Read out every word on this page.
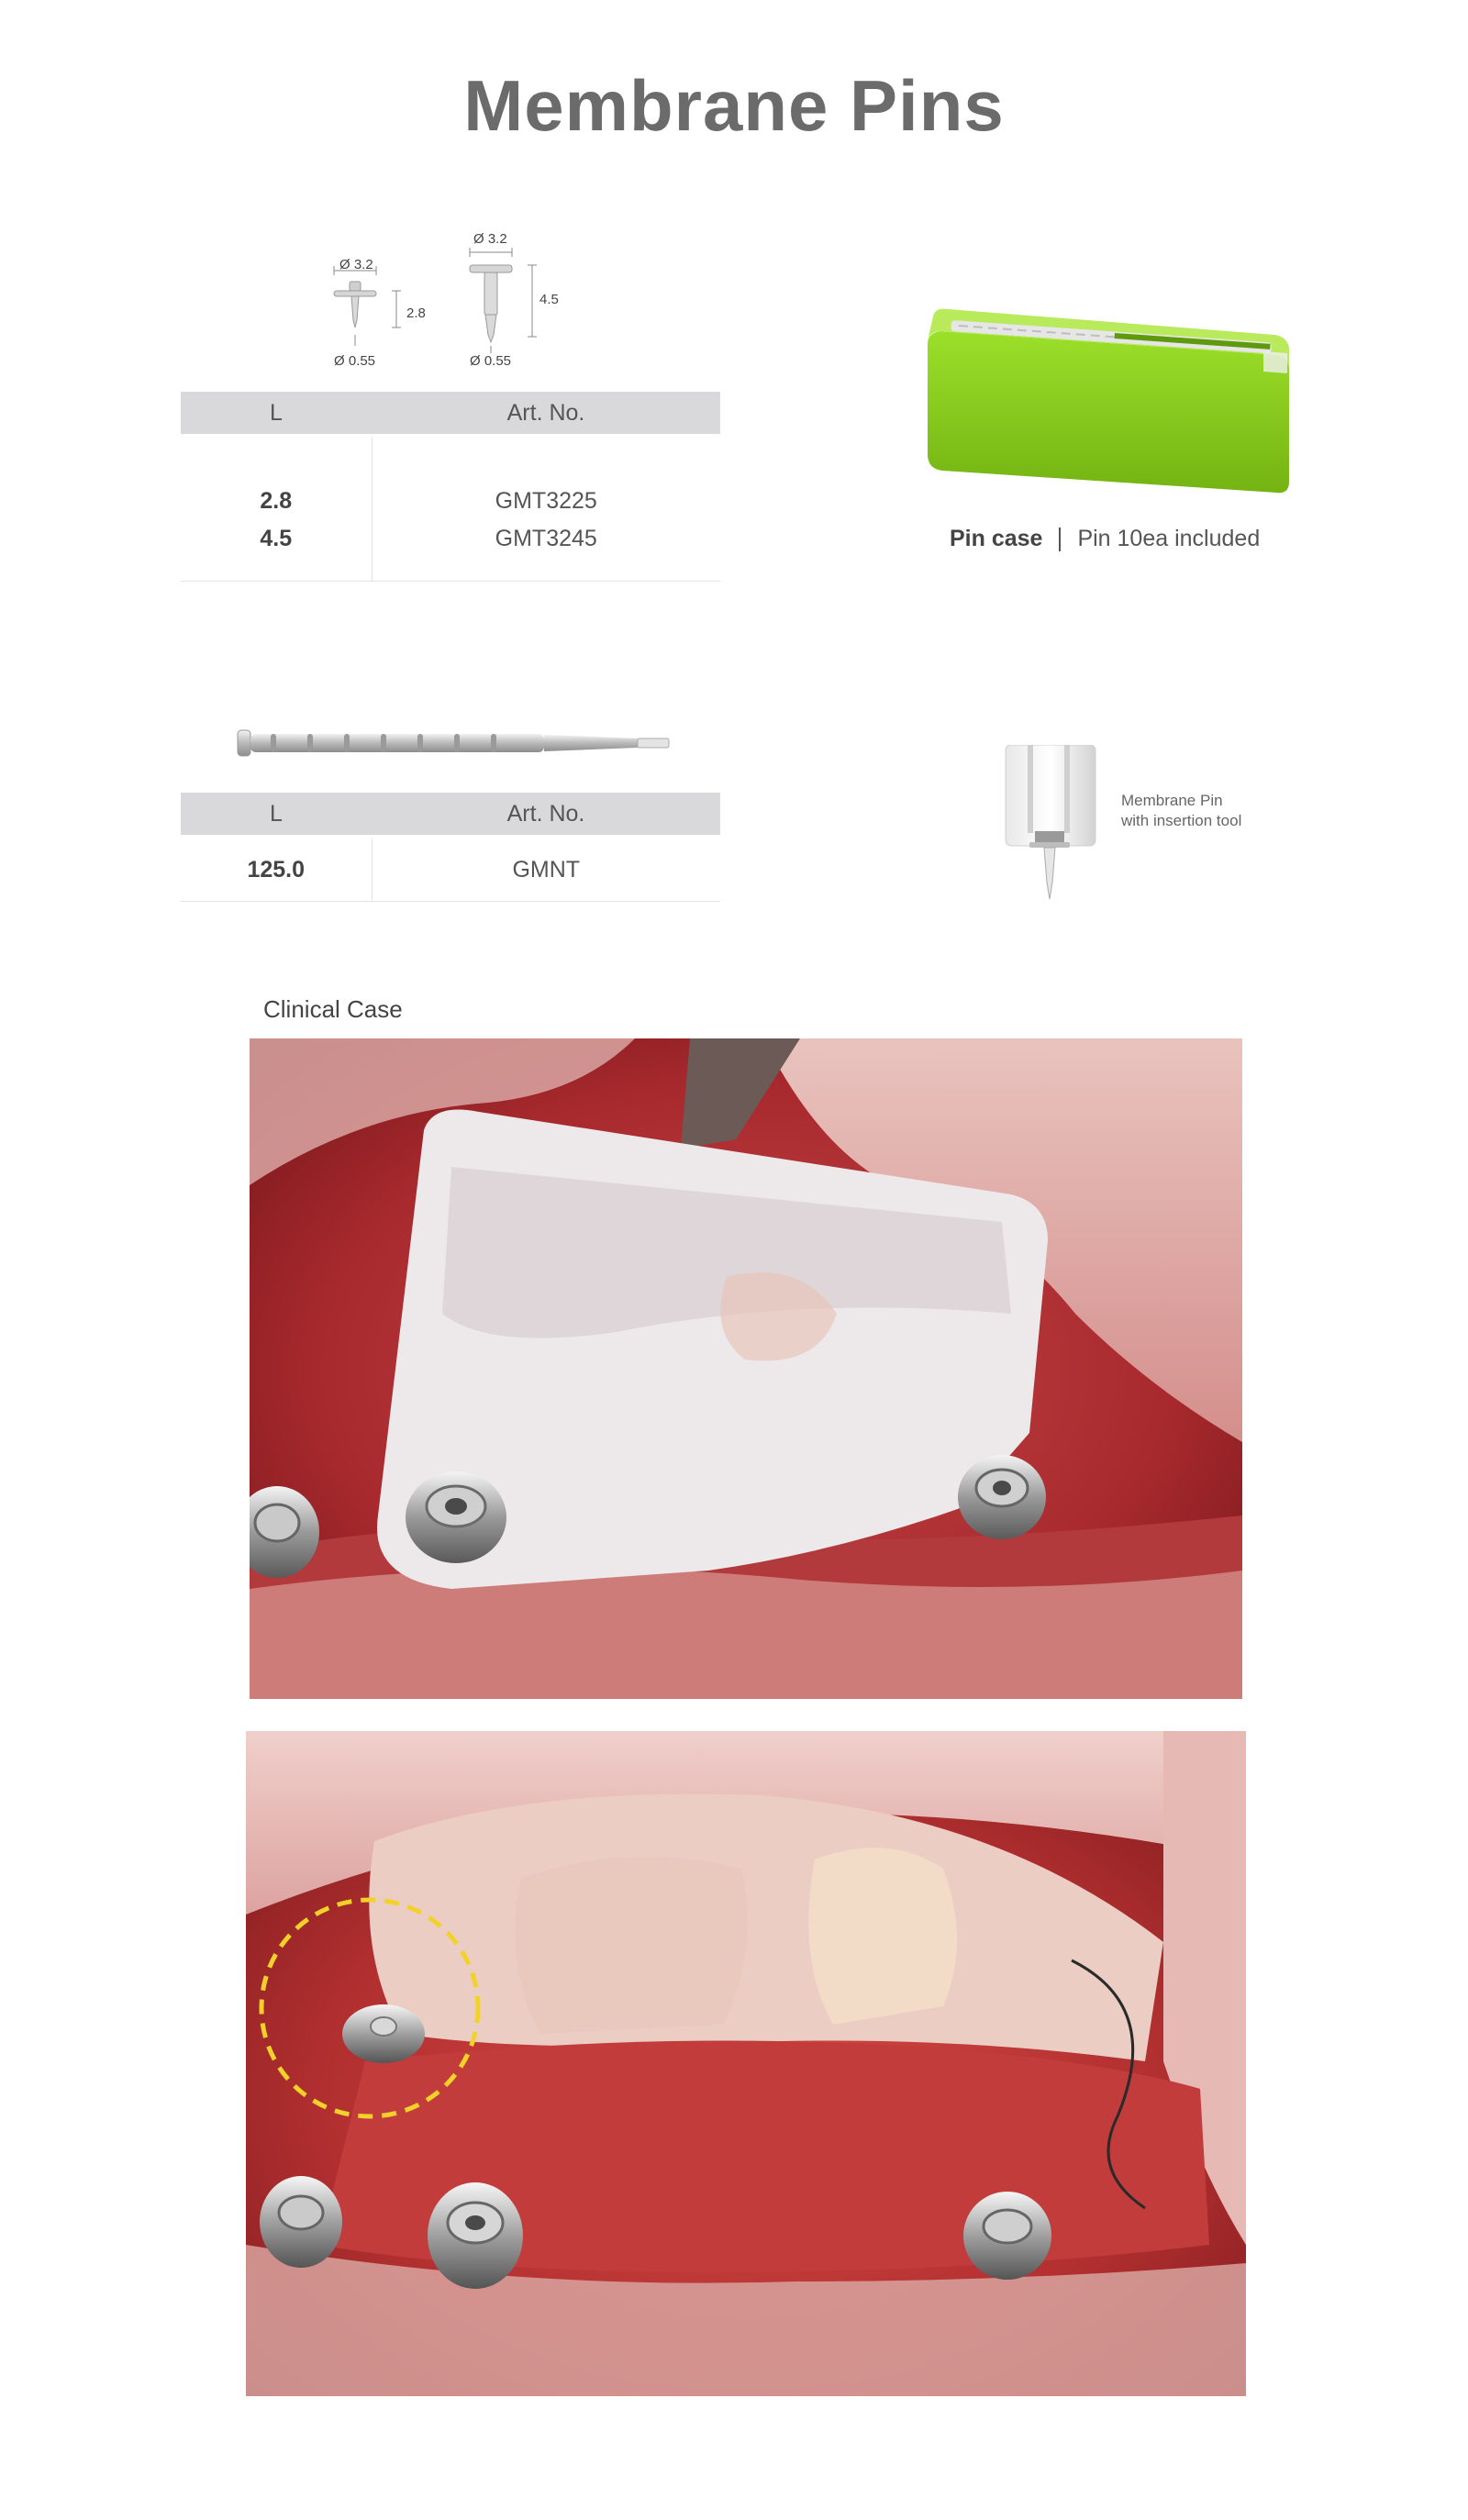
Membrane Pins
Ø 3.2
2.8
Ø 0.55
Ø 3.2
4.5
Ø 0.55
L	Art. No.
2.8	GMT3225
4.5	GMT3245	Pin case Pin 10ea included
L	Art. No.
125.0	GMNT
Membrane Pin
with insertion tool
Clinical Case
